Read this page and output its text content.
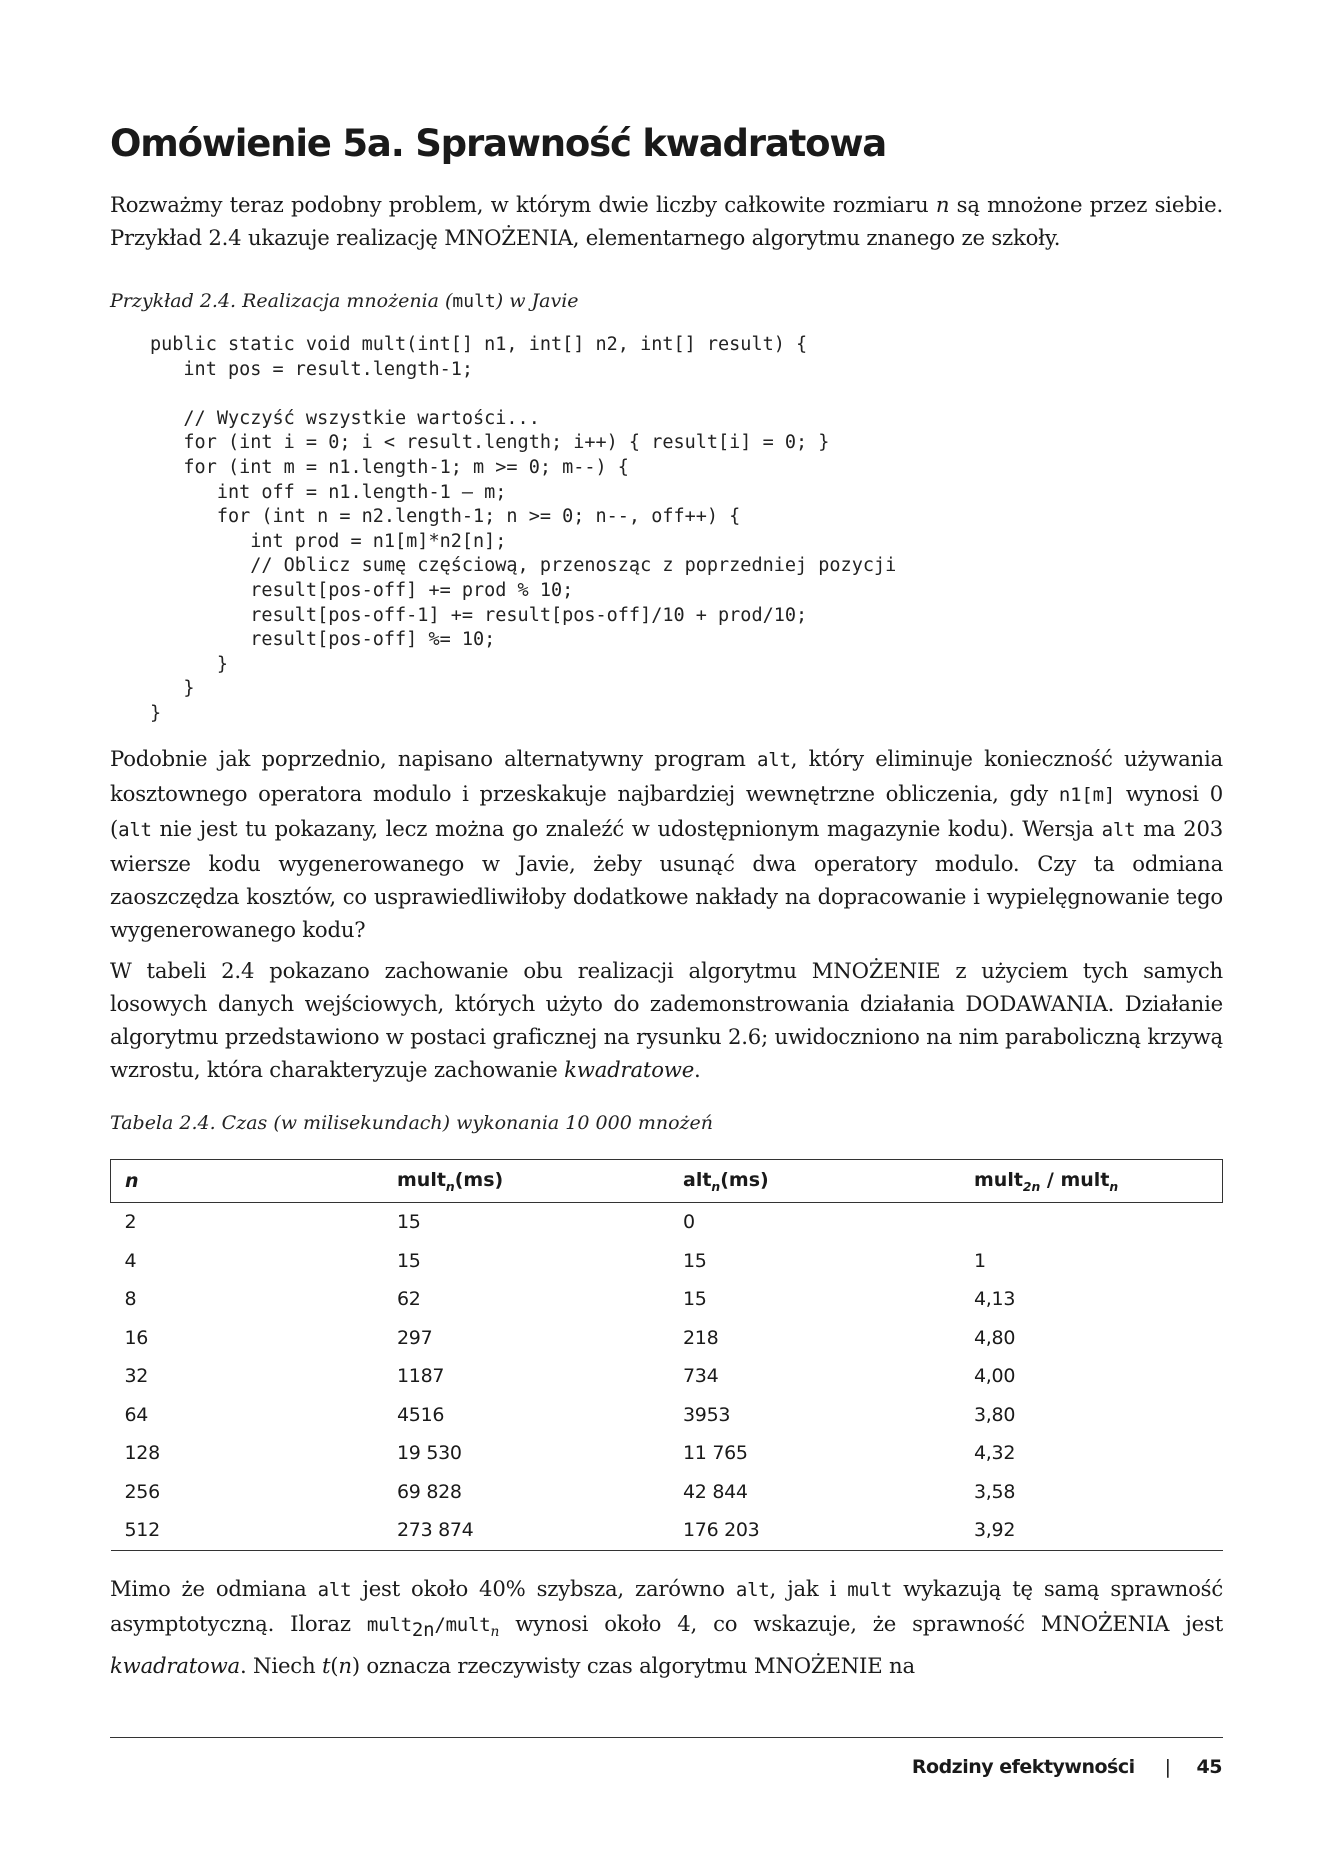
Omówienie 5a. Sprawność kwadratowa

Rozważmy teraz podobny problem, w którym dwie liczby całkowite rozmiaru n są mnożone przez siebie. Przykład 2.4 ukazuje realizację MNOŻENIA, elementarnego algorytmu znanego ze szkoły.

Przykład 2.4. Realizacja mnożenia (mult) w Javie

public static void mult(int[] n1, int[] n2, int[] result) {
int pos = result.length-1;

// Wyczyść wszystkie wartości...
for (int i = 0; i < result.length; i++) { result[i] = 0; }
for (int m = n1.length-1; m >= 0; m--) {
int off = n1.length-1 – m;
for (int n = n2.length-1; n >= 0; n--, off++) {
int prod = n1[m]*n2[n];
// Oblicz sumę częściową, przenosząc z poprzedniej pozycji
result[pos-off] += prod % 10;
result[pos-off-1] += result[pos-off]/10 + prod/10;
result[pos-off] %= 10;
}
}
}

Podobnie jak poprzednio, napisano alternatywny program alt, który eliminuje konieczność używania kosztownego operatora modulo i przeskakuje najbardziej wewnętrzne obliczenia, gdy n1[m] wynosi 0 (alt nie jest tu pokazany, lecz można go znaleźć w udostępnionym magazynie kodu). Wersja alt ma 203 wiersze kodu wygenerowanego w Javie, żeby usunąć dwa operatory modulo. Czy ta odmiana zaoszczędza kosztów, co usprawiedliwiłoby dodatkowe nakłady na dopracowanie i wypielęgnowanie tego wygenerowanego kodu?

W tabeli 2.4 pokazano zachowanie obu realizacji algorytmu MNOŻENIE z użyciem tych samych losowych danych wejściowych, których użyto do zademonstrowania działania DODAWANIA. Działanie algorytmu przedstawiono w postaci graficznej na rysunku 2.6; uwidoczniono na nim paraboliczną krzywą wzrostu, która charakteryzuje zachowanie kwadratowe.

Tabela 2.4. Czas (w milisekundach) wykonania 10 000 mnożeń

n	mult$_n$(ms)	alt$_n$(ms)	mult$_{2n}$ / mult$_n$
2	15	0	
4	15	15	1
8	62	15	4,13
16	297	218	4,80
32	1187	734	4,00
64	4516	3953	3,80
128	19 530	11 765	4,32
256	69 828	42 844	3,58
512	273 874	176 203	3,92

Mimo że odmiana alt jest około 40% szybsza, zarówno alt, jak i mult wykazują tę samą sprawność asymptotyczną. Iloraz mult$_{2n}$/mult$_n$ wynosi około 4, co wskazuje, że sprawność MNOŻENIA jest kwadratowa. Niech t(n) oznacza rzeczywisty czas algorytmu MNOŻENIE na

Rodziny efektywności | 45
